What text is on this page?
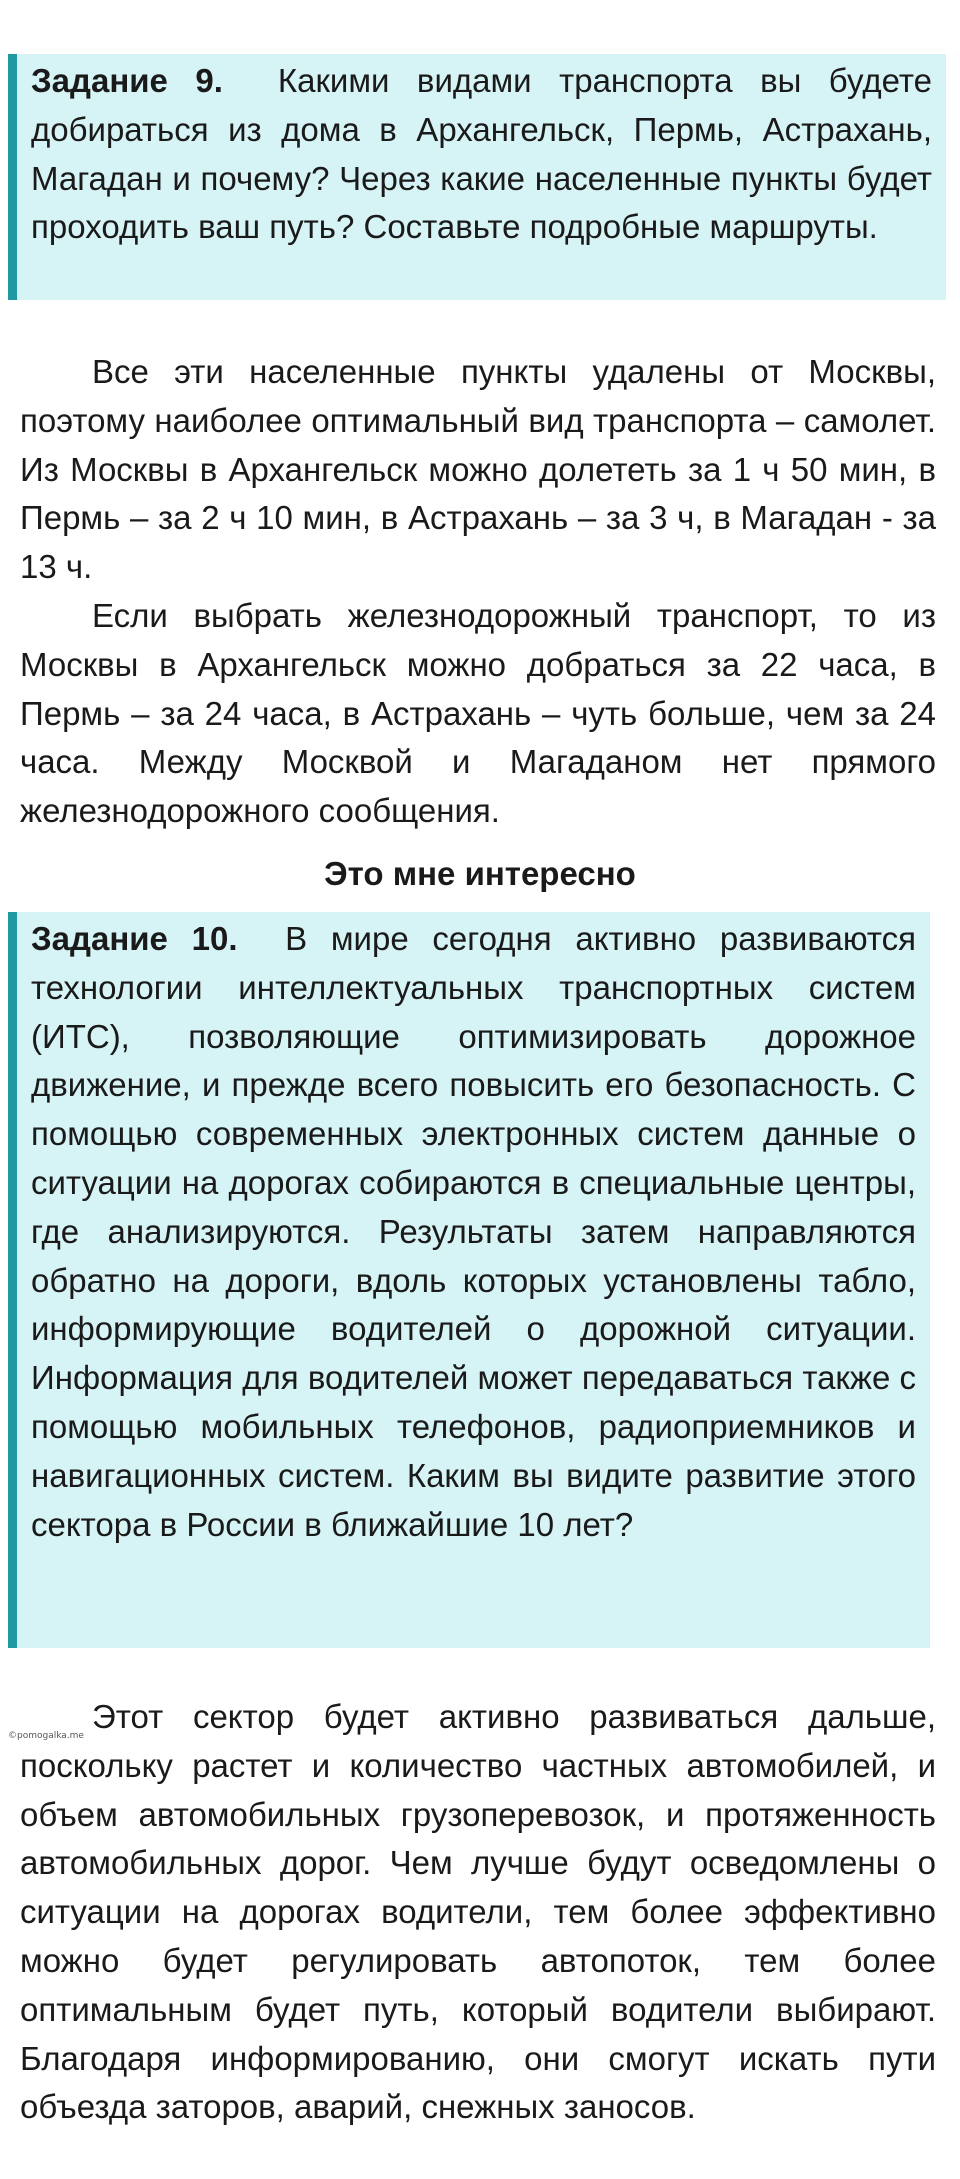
Задание 9. Какими видами транспорта вы будете добираться из дома в Архангельск, Пермь, Астрахань, Магадан и почему? Через какие населенные пункты будет проходить ваш путь? Составьте подробные маршруты.

Все эти населенные пункты удалены от Москвы, поэтому наиболее оптимальный вид транспорта – самолет. Из Москвы в Архангельск можно долететь за 1 ч 50 мин, в Пермь – за 2 ч 10 мин, в Астрахань – за 3 ч, в Магадан - за 13 ч.

Если выбрать железнодорожный транспорт, то из Москвы в Архангельск можно добраться за 22 часа, в Пермь – за 24 часа, в Астрахань – чуть больше, чем за 24 часа. Между Москвой и Магаданом нет прямого железнодорожного сообщения.

Это мне интересно
Задание 10. В мире сегодня активно развиваются технологии интеллектуальных транспортных систем (ИТС), позволяющие оптимизировать дорожное движение, и прежде всего повысить его безопасность. С помощью современных электронных систем данные о ситуации на дорогах собираются в специальные центры, где анализируются. Результаты затем направляются обратно на дороги, вдоль которых установлены табло, информирующие водителей о дорожной ситуации. Информация для водителей может передаваться также с помощью мобильных телефонов, радиоприемников и навигационных систем. Каким вы видите развитие этого сектора в России в ближайшие 10 лет?
©pomogalka.me

Этот сектор будет активно развиваться дальше, поскольку растет и количество частных автомобилей, и объем автомобильных грузоперевозок, и протяженность автомобильных дорог. Чем лучше будут осведомлены о ситуации на дорогах водители, тем более эффективно можно будет регулировать автопоток, тем более оптимальным будет путь, который водители выбирают. Благодаря информированию, они смогут искать пути объезда заторов, аварий, снежных заносов.
